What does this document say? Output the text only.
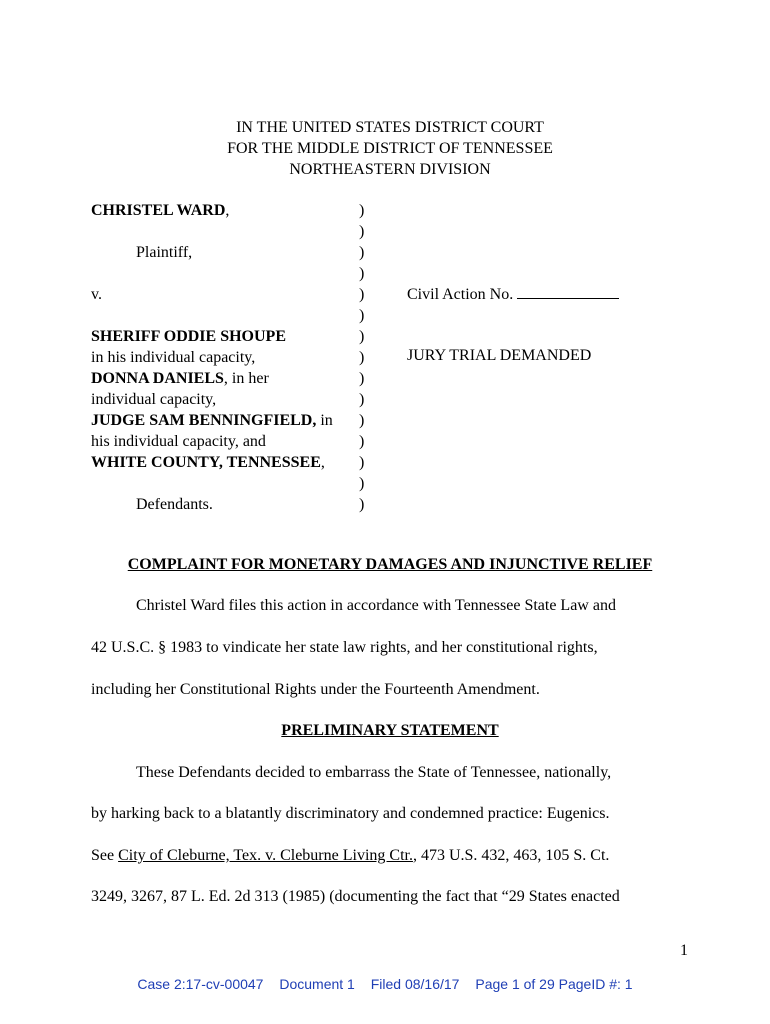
IN THE UNITED STATES DISTRICT COURT
FOR THE MIDDLE DISTRICT OF TENNESSEE
NORTHEASTERN DIVISION
CHRISTEL WARD,
Plaintiff,
v.
SHERIFF ODDIE SHOUPE
in his individual capacity,
DONNA DANIELS, in her
individual capacity,
JUDGE SAM BENNINGFIELD, in
his individual capacity, and
WHITE COUNTY, TENNESSEE,
Defendants.
)
)
)
)
)
)
)
)
)
)
)
)
)
)
)
Civil Action No.
JURY TRIAL DEMANDED
COMPLAINT FOR MONETARY DAMAGES AND INJUNCTIVE RELIEF
Christel Ward files this action in accordance with Tennessee State Law and
42 U.S.C. § 1983 to vindicate her state law rights, and her constitutional rights,
including her Constitutional Rights under the Fourteenth Amendment.
PRELIMINARY STATEMENT
These Defendants decided to embarrass the State of Tennessee, nationally,
by harking back to a blatantly discriminatory and condemned practice: Eugenics.
See City of Cleburne, Tex. v. Cleburne Living Ctr., 473 U.S. 432, 463, 105 S. Ct.
3249, 3267, 87 L. Ed. 2d 313 (1985) (documenting the fact that “29 States enacted
1
Case 2:17-cv-00047 Document 1 Filed 08/16/17 Page 1 of 29 PageID #: 1
